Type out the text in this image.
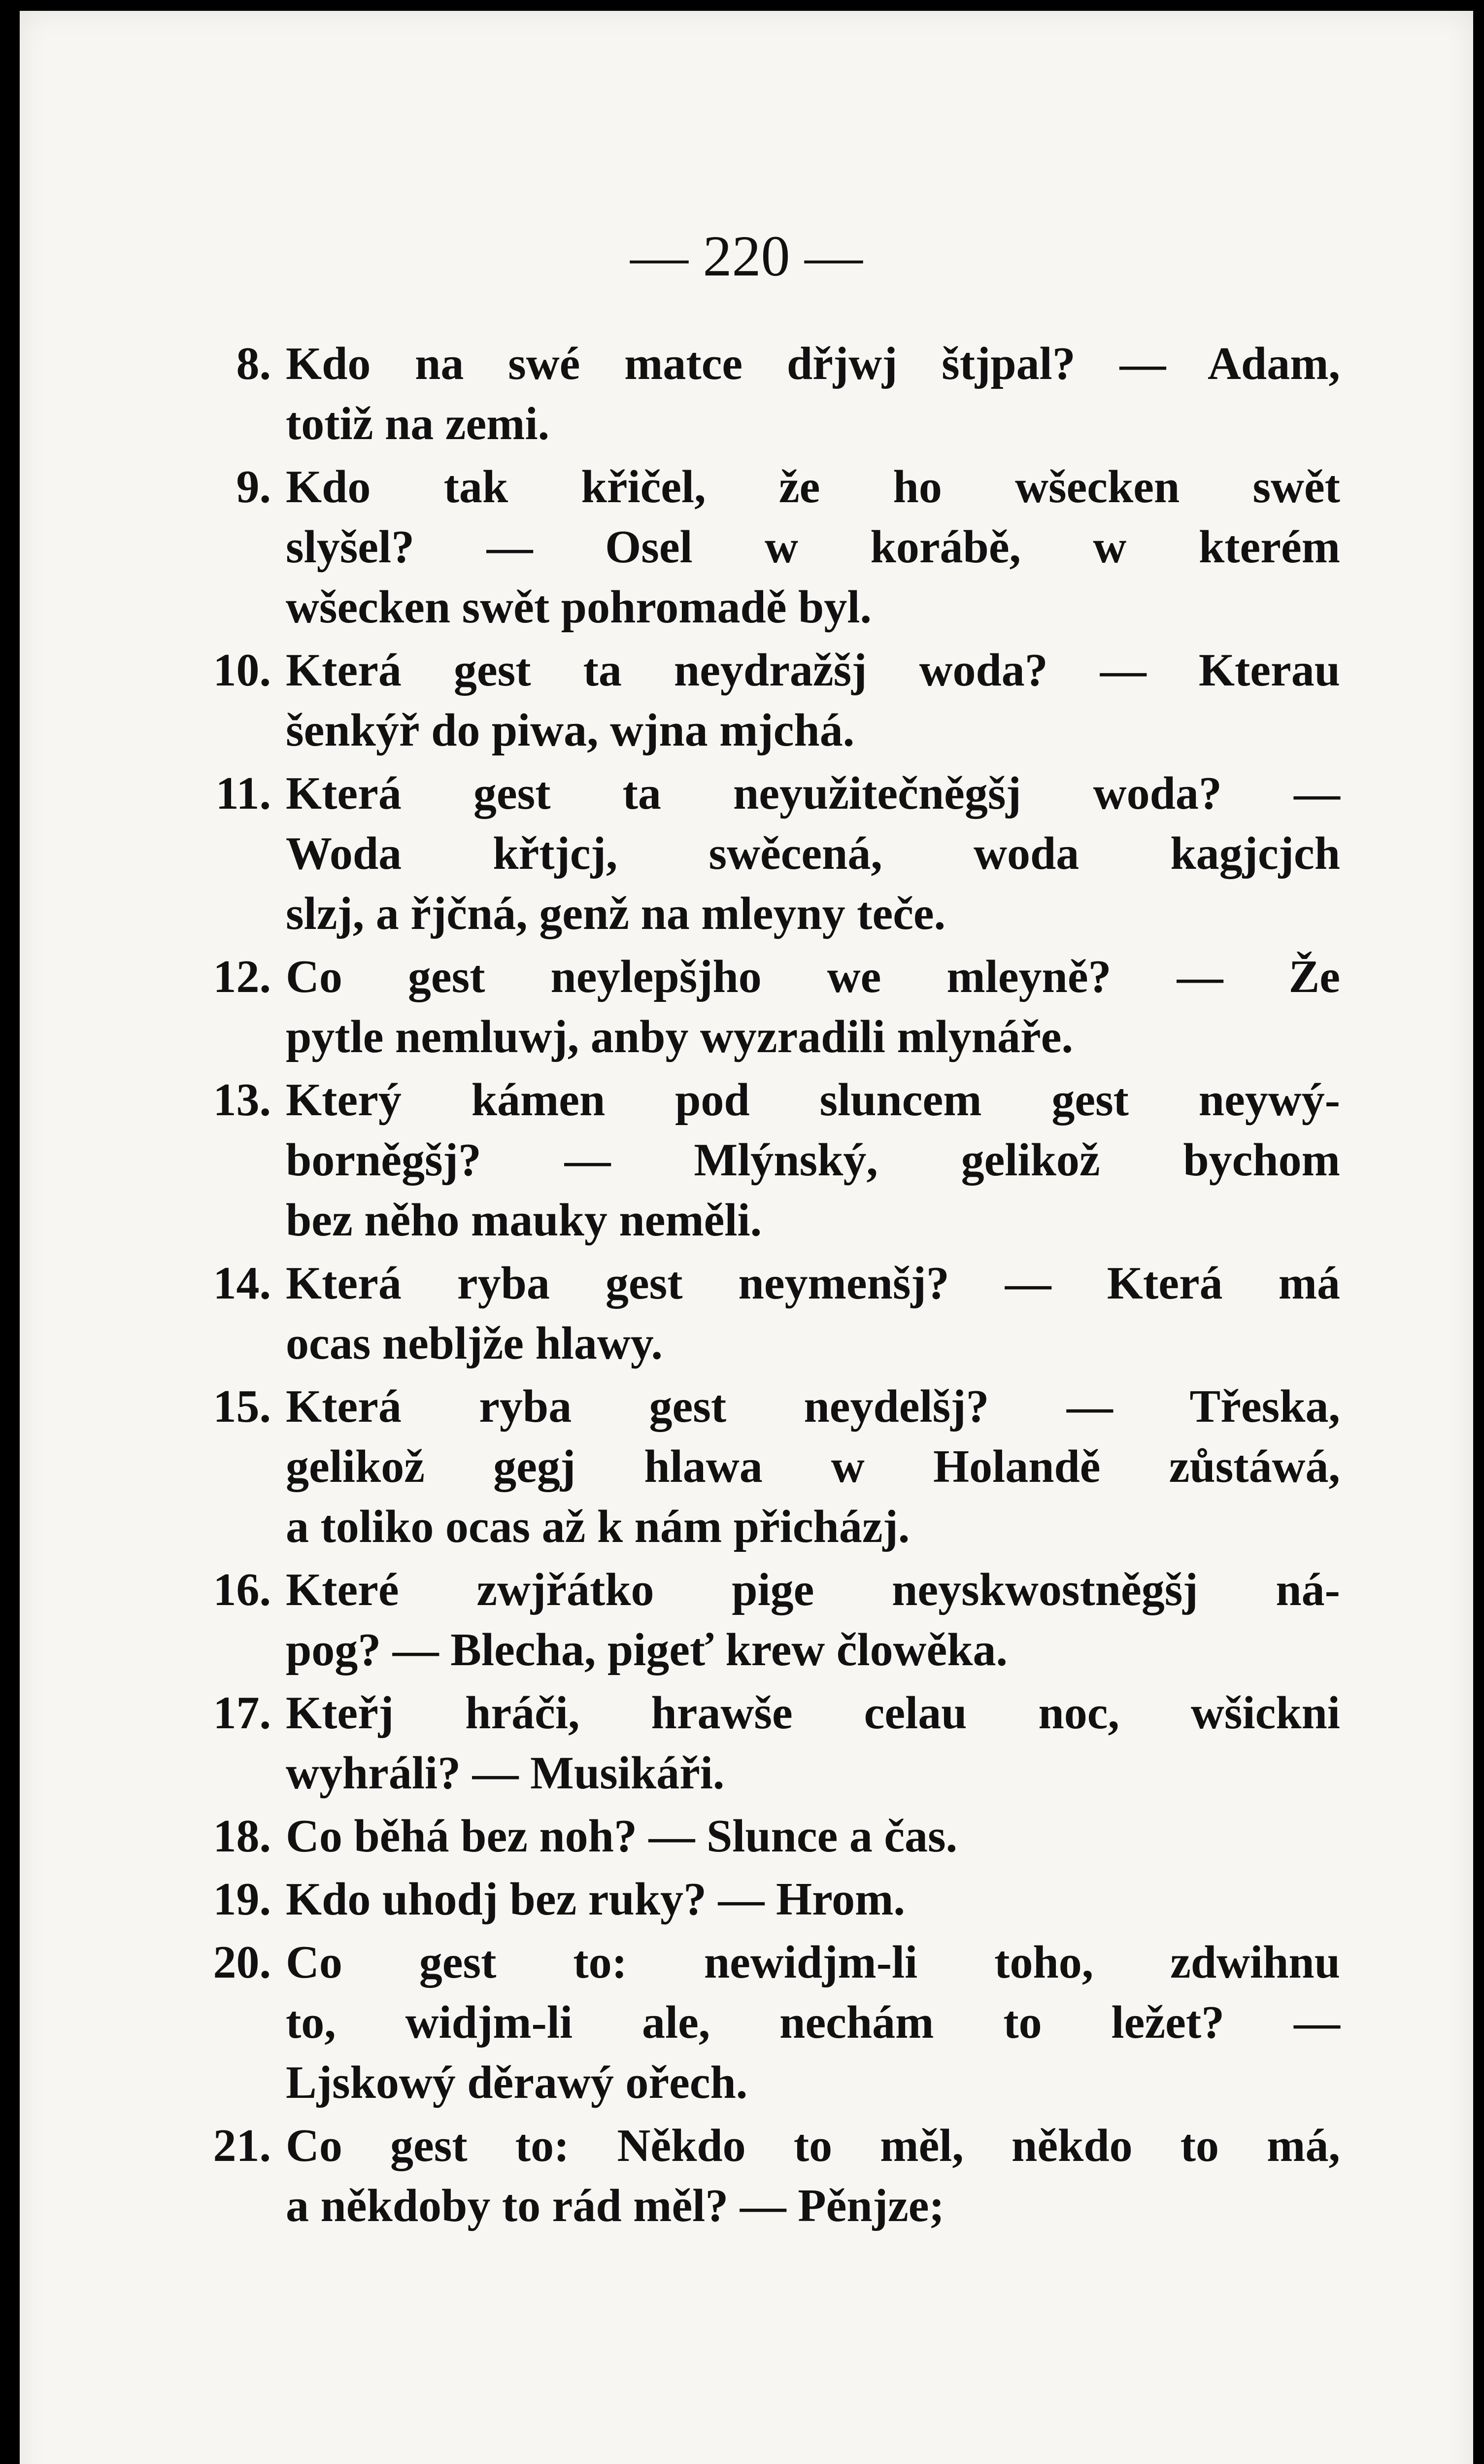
— 220 —
8. Kdo na swé matce dřjwj štjpal? — Adam,
totiž na zemi.
9. Kdo tak křičel, že ho wšecken swět
slyšel? — Osel w korábě, w kterém
wšecken swět pohromadě byl.
10. Která gest ta neydražšj woda? — Kterau
šenkýř do piwa, wjna mjchá.
11. Která gest ta neyužitečněgšj woda? —
Woda křtjcj, swěcená, woda kagjcjch
slzj, a řjčná, genž na mleyny teče.
12. Co gest neylepšjho we mleyně? — Že
pytle nemluwj, anby wyzradili mlynáře.
13. Který kámen pod sluncem gest neywý-
borněgšj? — Mlýnský, gelikož bychom
bez něho mauky neměli.
14. Která ryba gest neymenšj? — Která má
ocas nebljže hlawy.
15. Která ryba gest neydelšj? — Třeska,
gelikož gegj hlawa w Holandě zůstáwá,
a toliko ocas až k nám přicházj.
16. Které zwjřátko pige neyskwostněgšj ná-
pog? — Blecha, pigeť krew člowěka.
17. Kteřj hráči, hrawše celau noc, wšickni
wyhráli? — Musikáři.
18. Co běhá bez noh? — Slunce a čas.
19. Kdo uhodj bez ruky? — Hrom.
20. Co gest to: newidjm-li toho, zdwihnu
to, widjm-li ale, nechám to ležet? —
Ljskowý děrawý ořech.
21. Co gest to: Někdo to měl, někdo to má,
a někdoby to rád měl? — Pěnjze;
